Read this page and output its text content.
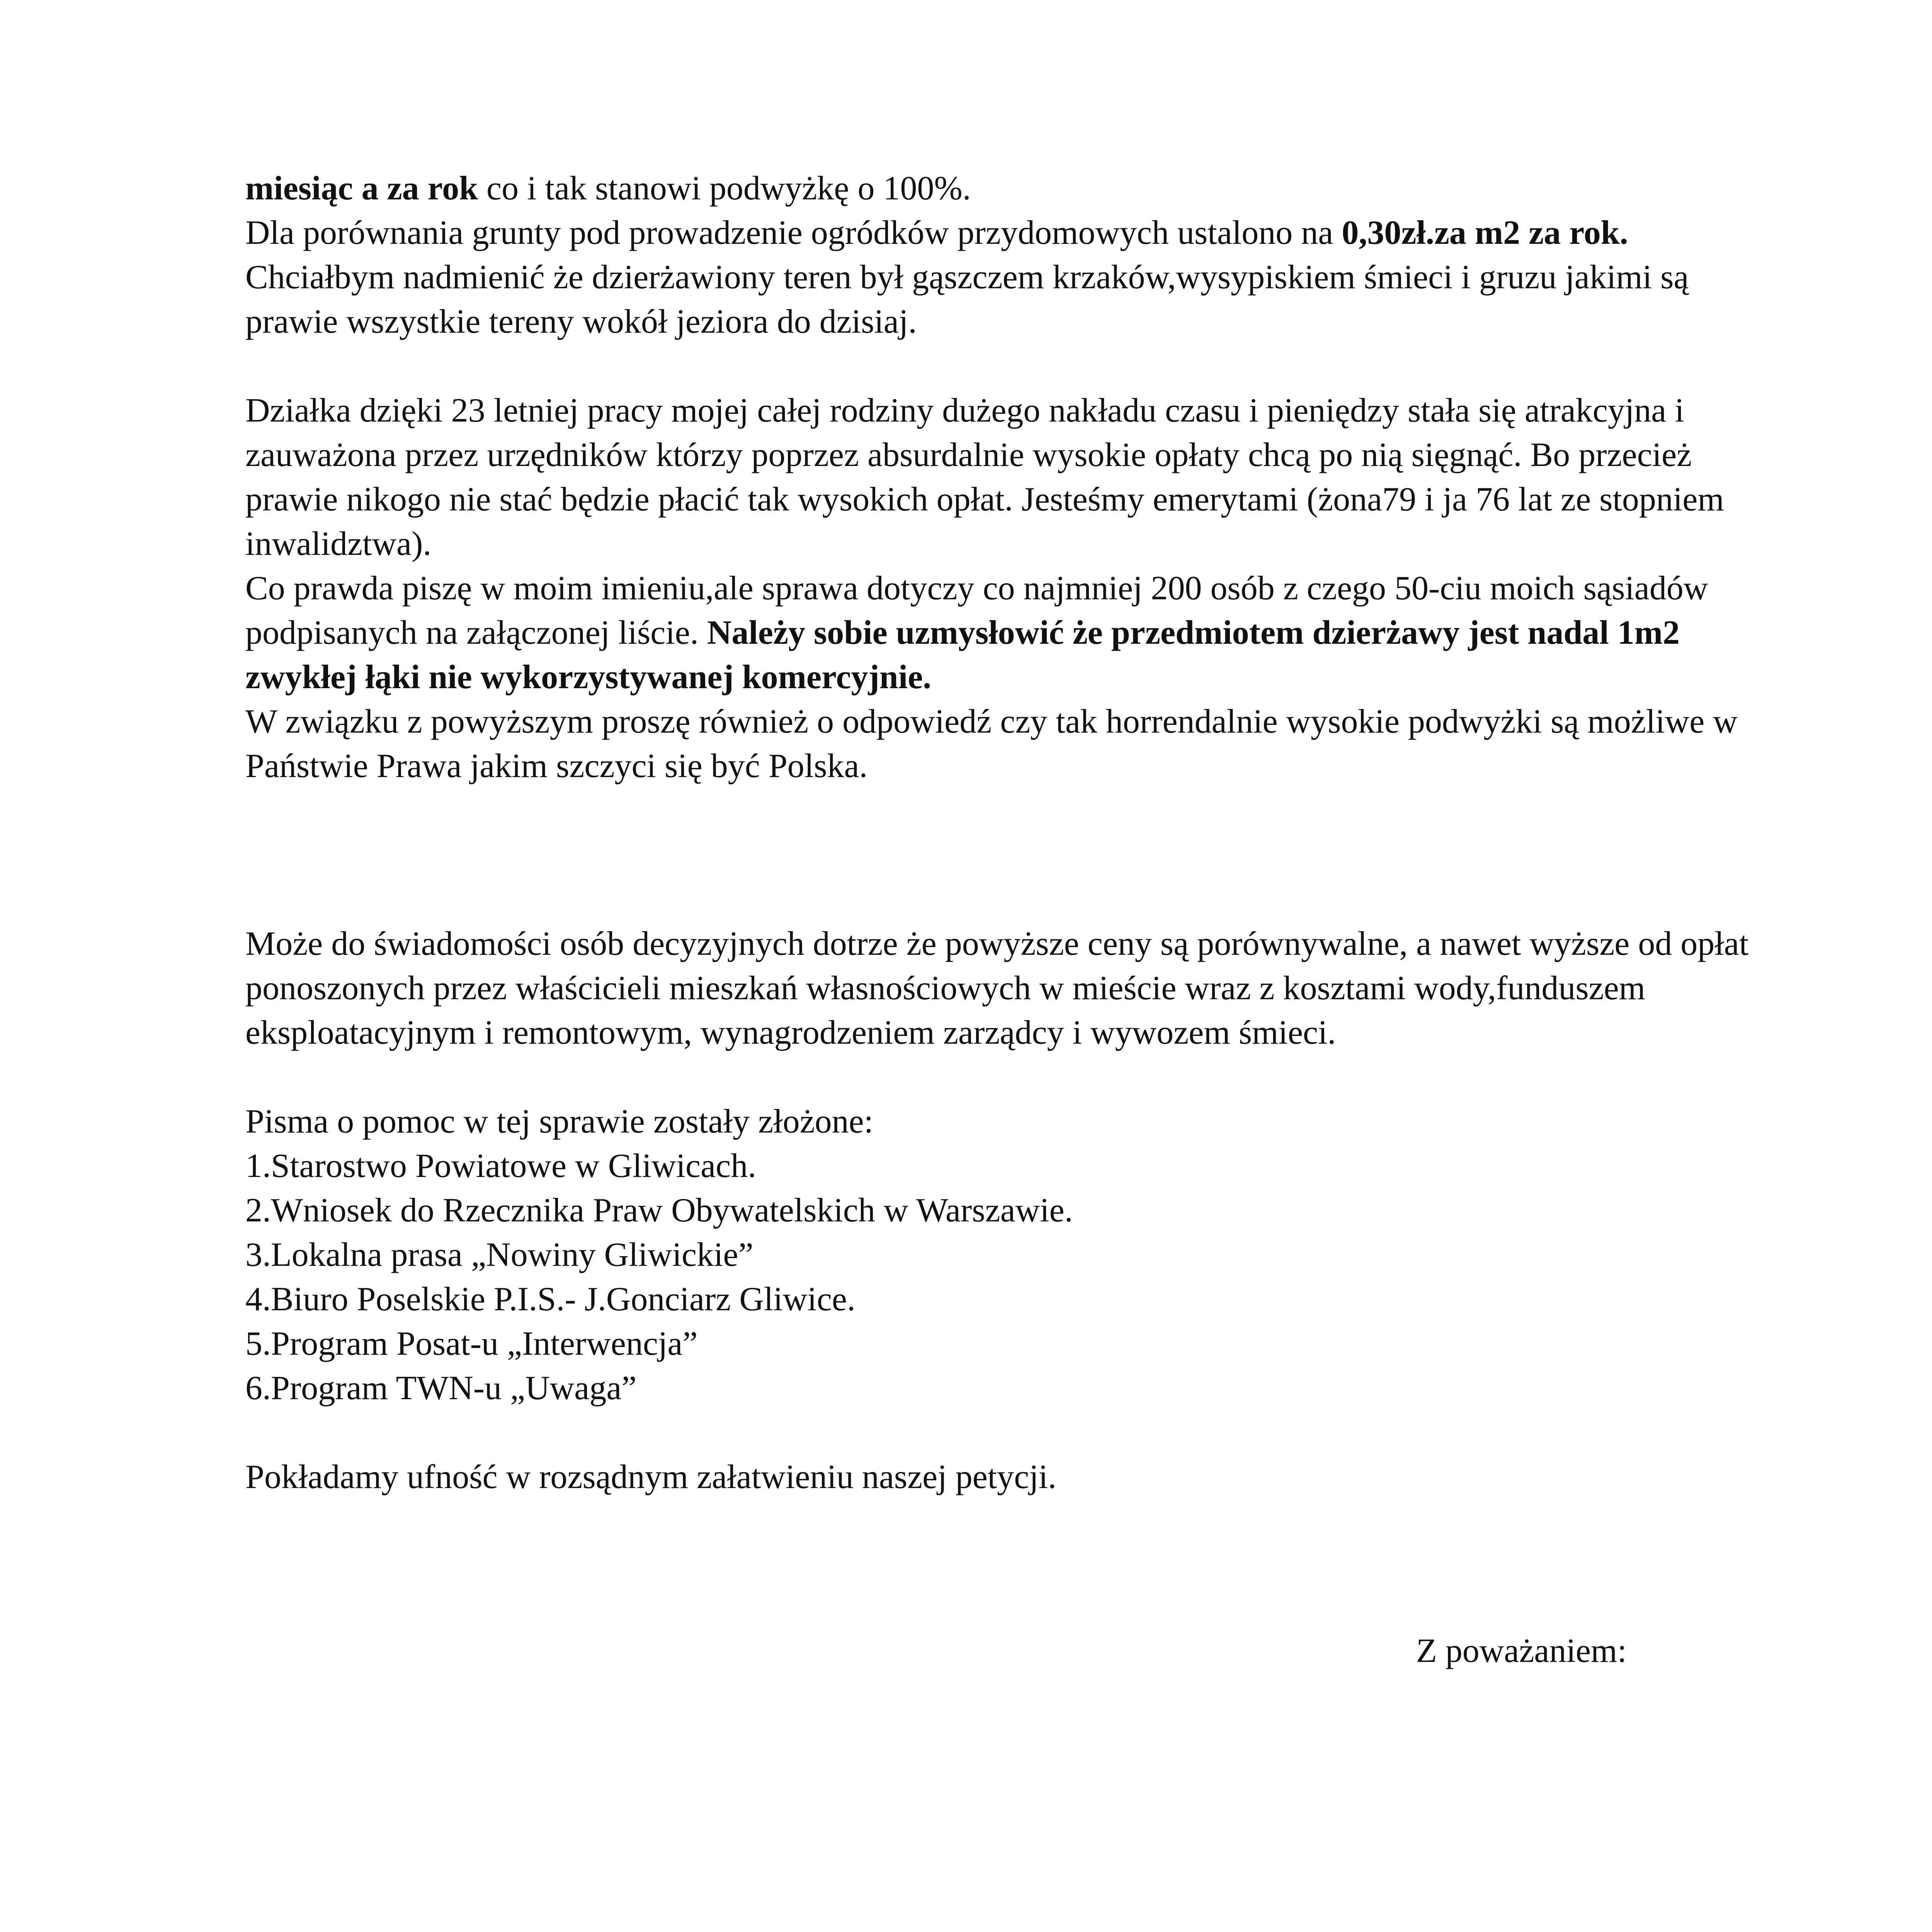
miesiąc a za rok co i tak stanowi podwyżkę o 100%.

Dla porównania grunty pod prowadzenie ogródków przydomowych ustalono na 0,30zł.za m2 za rok.

Chciałbym nadmienić że dzierżawiony teren był gąszczem krzaków,wysypiskiem śmieci i gruzu jakimi są prawie wszystkie tereny wokół jeziora do dzisiaj.

Działka dzięki 23 letniej pracy mojej całej rodziny dużego nakładu czasu i pieniędzy stała się atrakcyjna i zauważona przez urzędników którzy poprzez absurdalnie wysokie opłaty chcą po nią sięgnąć. Bo przecież prawie nikogo nie stać będzie płacić tak wysokich opłat. Jesteśmy emerytami (żona79 i ja 76 lat ze stopniem inwalidztwa).

Co prawda piszę w moim imieniu,ale sprawa dotyczy co najmniej 200 osób z czego 50-ciu moich sąsiadów podpisanych na załączonej liście. Należy sobie uzmysłowić że przedmiotem dzierżawy jest nadal 1m2 zwykłej łąki nie wykorzystywanej komercyjnie.

W związku z powyższym proszę również o odpowiedź czy tak horrendalnie wysokie podwyżki są możliwe w Państwie Prawa jakim szczyci się być Polska.

Może do świadomości osób decyzyjnych dotrze że powyższe ceny są porównywalne, a nawet wyższe od opłat ponoszonych przez właścicieli mieszkań własnościowych w mieście wraz z kosztami wody,funduszem eksploatacyjnym i remontowym, wynagrodzeniem zarządcy i wywozem śmieci.

Pisma o pomoc w tej sprawie zostały złożone:

1.Starostwo Powiatowe w Gliwicach.
2.Wniosek do Rzecznika Praw Obywatelskich w Warszawie.
3.Lokalna prasa „Nowiny Gliwickie”
4.Biuro Poselskie P.I.S.- J.Gonciarz Gliwice.
5.Program Posat-u „Interwencja”
6.Program TWN-u „Uwaga”

Pokładamy ufność w rozsądnym załatwieniu naszej petycji.

Z poważaniem:
